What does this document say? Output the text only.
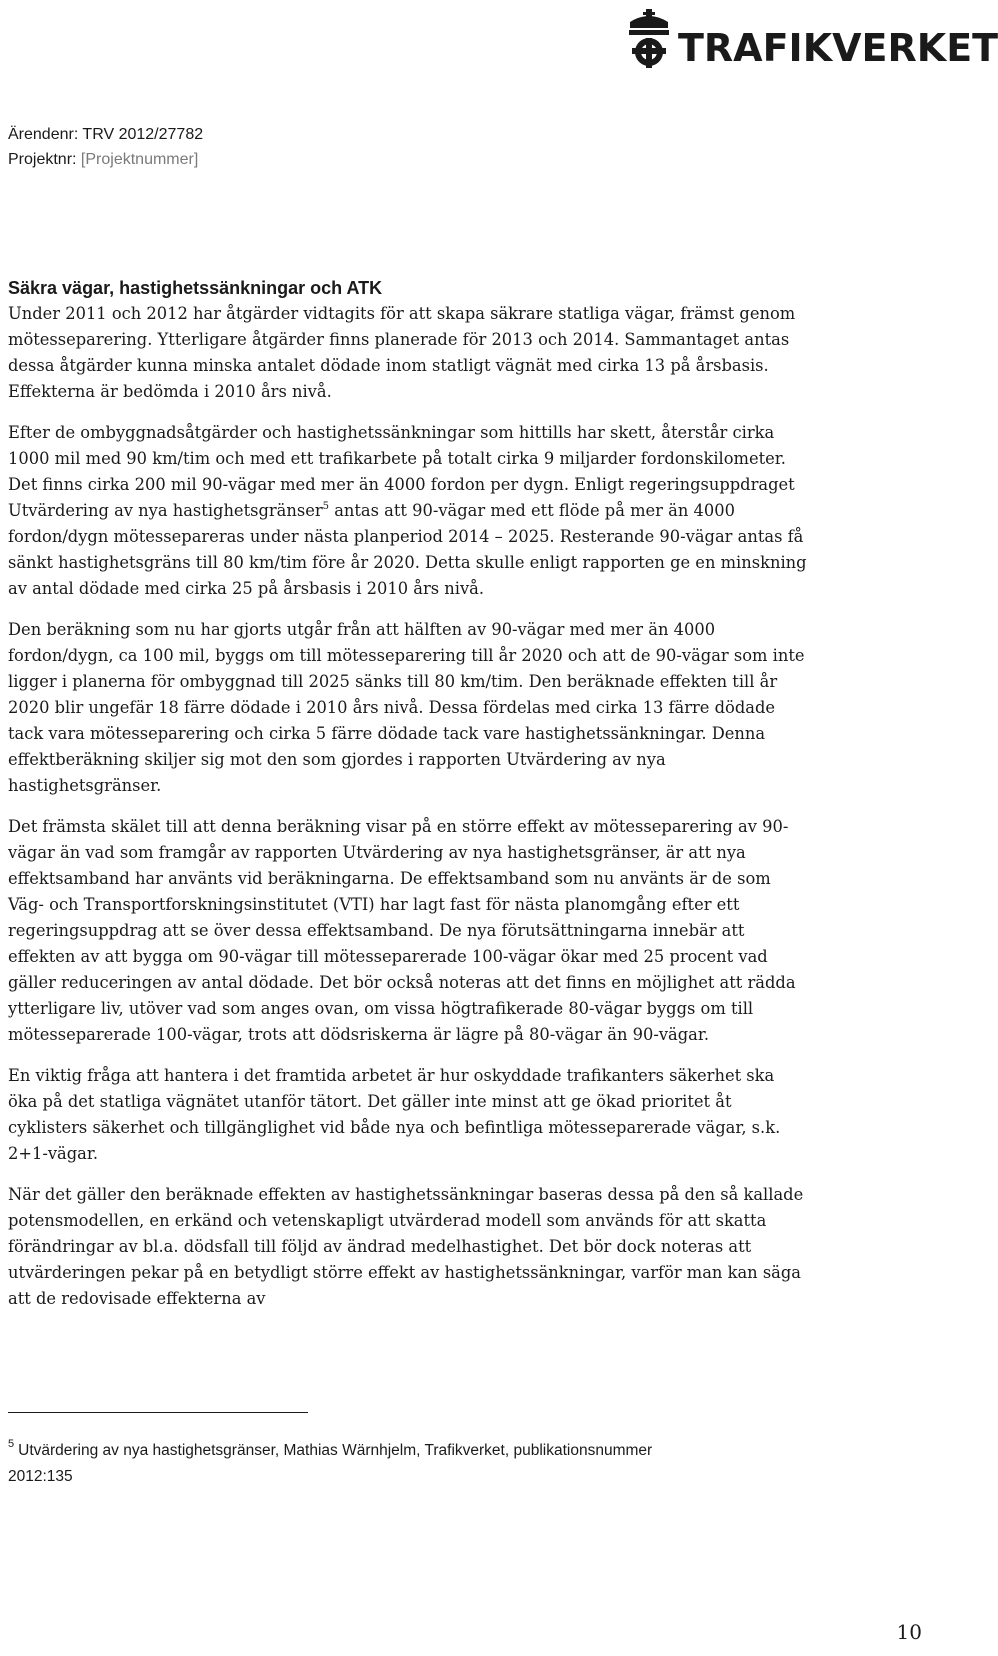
TRAFIKVERKET
Ärendenr: TRV 2012/27782
Projektnr: [Projektnummer]
Säkra vägar, hastighetssänkningar och ATK

Under 2011 och 2012 har åtgärder vidtagits för att skapa säkrare statliga vägar, främst genom mötesseparering. Ytterligare åtgärder finns planerade för 2013 och 2014. Sammantaget antas dessa åtgärder kunna minska antalet dödade inom statligt vägnät med cirka 13 på årsbasis. Effekterna är bedömda i 2010 års nivå.

Efter de ombyggnadsåtgärder och hastighetssänkningar som hittills har skett, återstår cirka 1000 mil med 90 km/tim och med ett trafikarbete på totalt cirka 9 miljarder fordonskilometer. Det finns cirka 200 mil 90-vägar med mer än 4000 fordon per dygn. Enligt regeringsuppdraget Utvärdering av nya hastighetsgränser$^5$ antas att 90-vägar med ett flöde på mer än 4000 fordon/dygn mötessepareras under nästa planperiod 2014 – 2025. Resterande 90-vägar antas få sänkt hastighetsgräns till 80 km/tim före år 2020. Detta skulle enligt rapporten ge en minskning av antal dödade med cirka 25 på årsbasis i 2010 års nivå.

Den beräkning som nu har gjorts utgår från att hälften av 90-vägar med mer än 4000 fordon/dygn, ca 100 mil, byggs om till mötesseparering till år 2020 och att de 90-vägar som inte ligger i planerna för ombyggnad till 2025 sänks till 80 km/tim. Den beräknade effekten till år 2020 blir ungefär 18 färre dödade i 2010 års nivå. Dessa fördelas med cirka 13 färre dödade tack vara mötesseparering och cirka 5 färre dödade tack vare hastighetssänkningar. Denna effektberäkning skiljer sig mot den som gjordes i rapporten Utvärdering av nya hastighetsgränser.

Det främsta skälet till att denna beräkning visar på en större effekt av mötesseparering av 90-vägar än vad som framgår av rapporten Utvärdering av nya hastighetsgränser, är att nya effektsamband har använts vid beräkningarna. De effektsamband som nu använts är de som Väg- och Transportforskningsinstitutet (VTI) har lagt fast för nästa planomgång efter ett regeringsuppdrag att se över dessa effektsamband. De nya förutsättningarna innebär att effekten av att bygga om 90-vägar till mötesseparerade 100-vägar ökar med 25 procent vad gäller reduceringen av antal dödade. Det bör också noteras att det finns en möjlighet att rädda ytterligare liv, utöver vad som anges ovan, om vissa högtrafikerade 80-vägar byggs om till mötesseparerade 100-vägar, trots att dödsriskerna är lägre på 80-vägar än 90-vägar.

En viktig fråga att hantera i det framtida arbetet är hur oskyddade trafikanters säkerhet ska öka på det statliga vägnätet utanför tätort. Det gäller inte minst att ge ökad prioritet åt cyklisters säkerhet och tillgänglighet vid både nya och befintliga mötesseparerade vägar, s.k. 2+1-vägar.

När det gäller den beräknade effekten av hastighetssänkningar baseras dessa på den så kallade potensmodellen, en erkänd och vetenskapligt utvärderad modell som används för att skatta förändringar av bl.a. dödsfall till följd av ändrad medelhastighet. Det bör dock noteras att utvärderingen pekar på en betydligt större effekt av hastighetssänkningar, varför man kan säga att de redovisade effekterna av

$^5$ Utvärdering av nya hastighetsgränser, Mathias Wärnhjelm, Trafikverket, publikationsnummer 2012:135
10
